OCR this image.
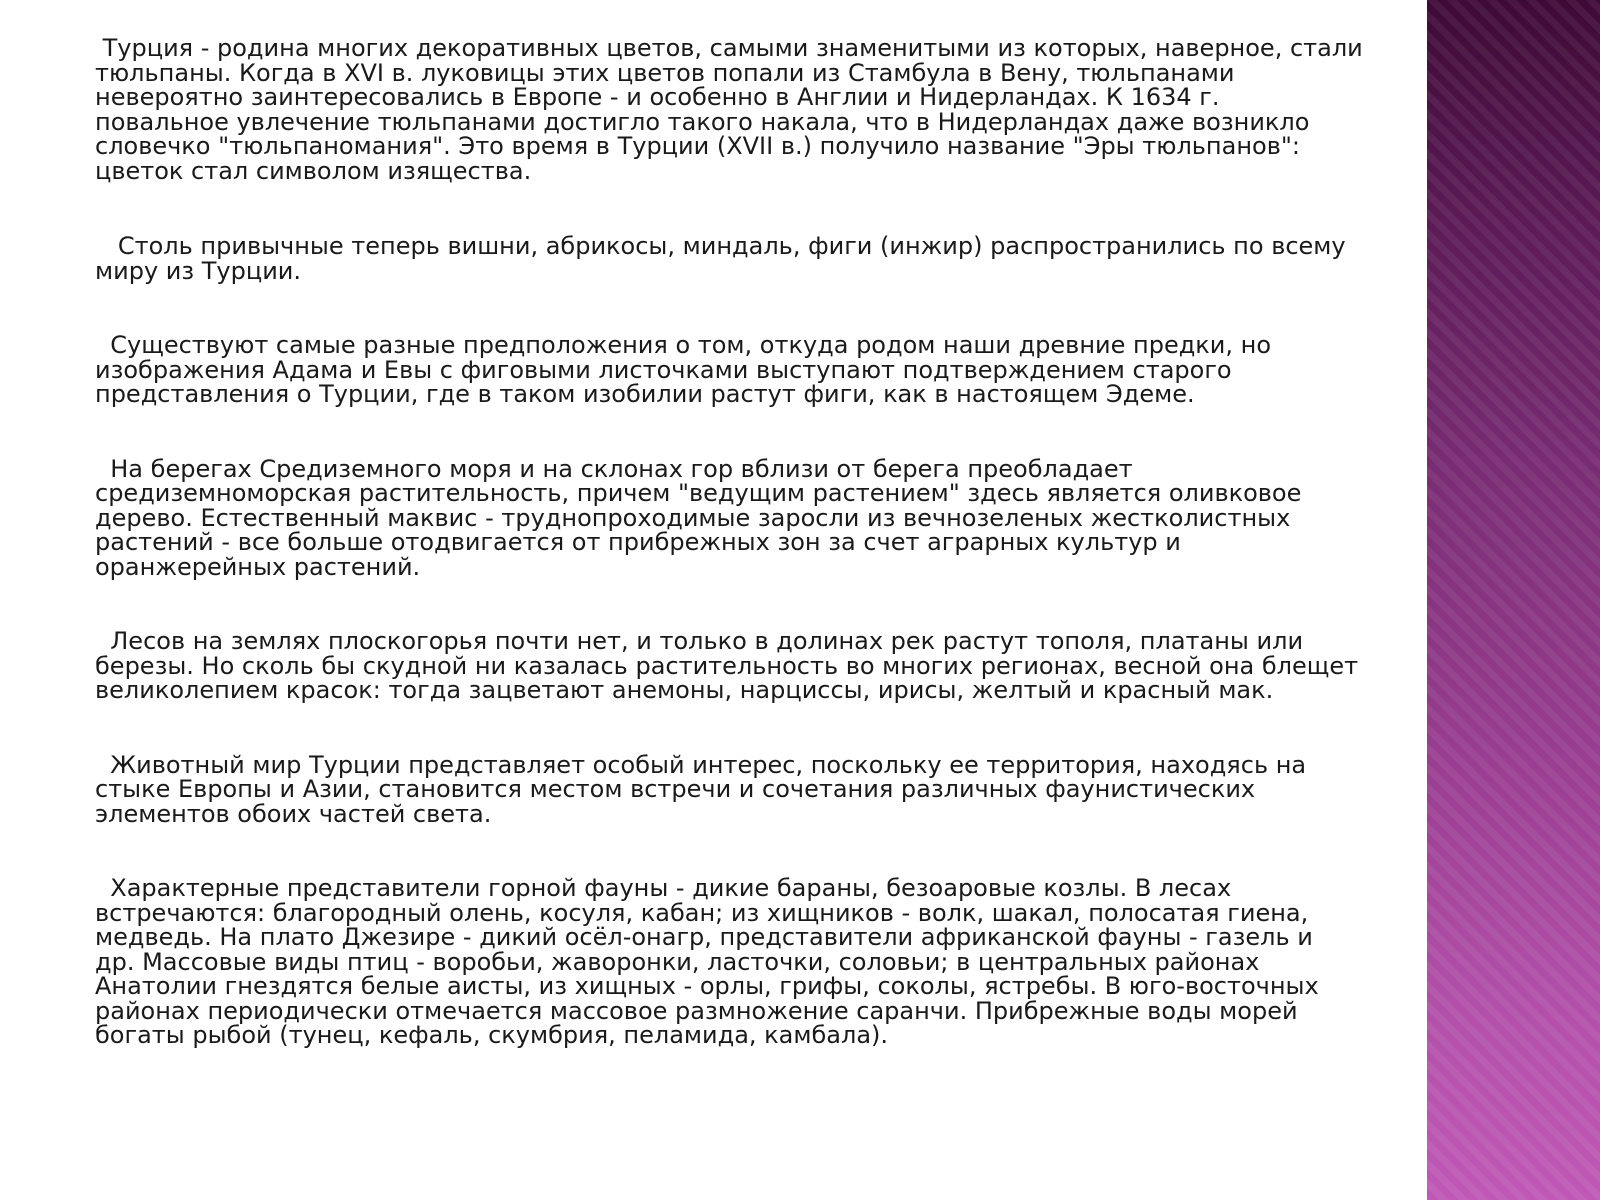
Турция - родина многих декоративных цветов, самыми знаменитыми из которых, наверное, стали
тюльпаны. Когда в XVI в. луковицы этих цветов попали из Стамбула в Вену, тюльпанами
невероятно заинтересовались в Европе - и особенно в Англии и Нидерландах. К 1634 г.
повальное увлечение тюльпанами достигло такого накала, что в Нидерландах даже возникло
словечко "тюльпаномания". Это время в Турции (XVII в.) получило название "Эры тюльпанов":
цветок стал символом изящества.

Столь привычные теперь вишни, абрикосы, миндаль, фиги (инжир) распространились по всему
миру из Турции.

Существуют самые разные предположения о том, откуда родом наши древние предки, но
изображения Адама и Евы с фиговыми листочками выступают подтверждением старого
представления о Турции, где в таком изобилии растут фиги, как в настоящем Эдеме.

На берегах Средиземного моря и на склонах гор вблизи от берега преобладает
средиземноморская растительность, причем "ведущим растением" здесь является оливковое
дерево. Естественный маквис - труднопроходимые заросли из вечнозеленых жестколистных
растений - все больше отодвигается от прибрежных зон за счет аграрных культур и
оранжерейных растений.

Лесов на землях плоскогорья почти нет, и только в долинах рек растут тополя, платаны или
березы. Но сколь бы скудной ни казалась растительность во многих регионах, весной она блещет
великолепием красок: тогда зацветают анемоны, нарциссы, ирисы, желтый и красный мак.

Животный мир Турции представляет особый интерес, поскольку ее территория, находясь на
стыке Европы и Азии, становится местом встречи и сочетания различных фаунистических
элементов обоих частей света.

Характерные представители горной фауны - дикие бараны, безоаровые козлы. В лесах
встречаются: благородный олень, косуля, кабан; из хищников - волк, шакал, полосатая гиена,
медведь. На плато Джезире - дикий осёл-онагр, представители африканской фауны - газель и
др. Массовые виды птиц - воробьи, жаворонки, ласточки, соловьи; в центральных районах
Анатолии гнездятся белые аисты, из хищных - орлы, грифы, соколы, ястребы. В юго-восточных
районах периодически отмечается массовое размножение саранчи. Прибрежные воды морей
богаты рыбой (тунец, кефаль, скумбрия, пеламида, камбала).
